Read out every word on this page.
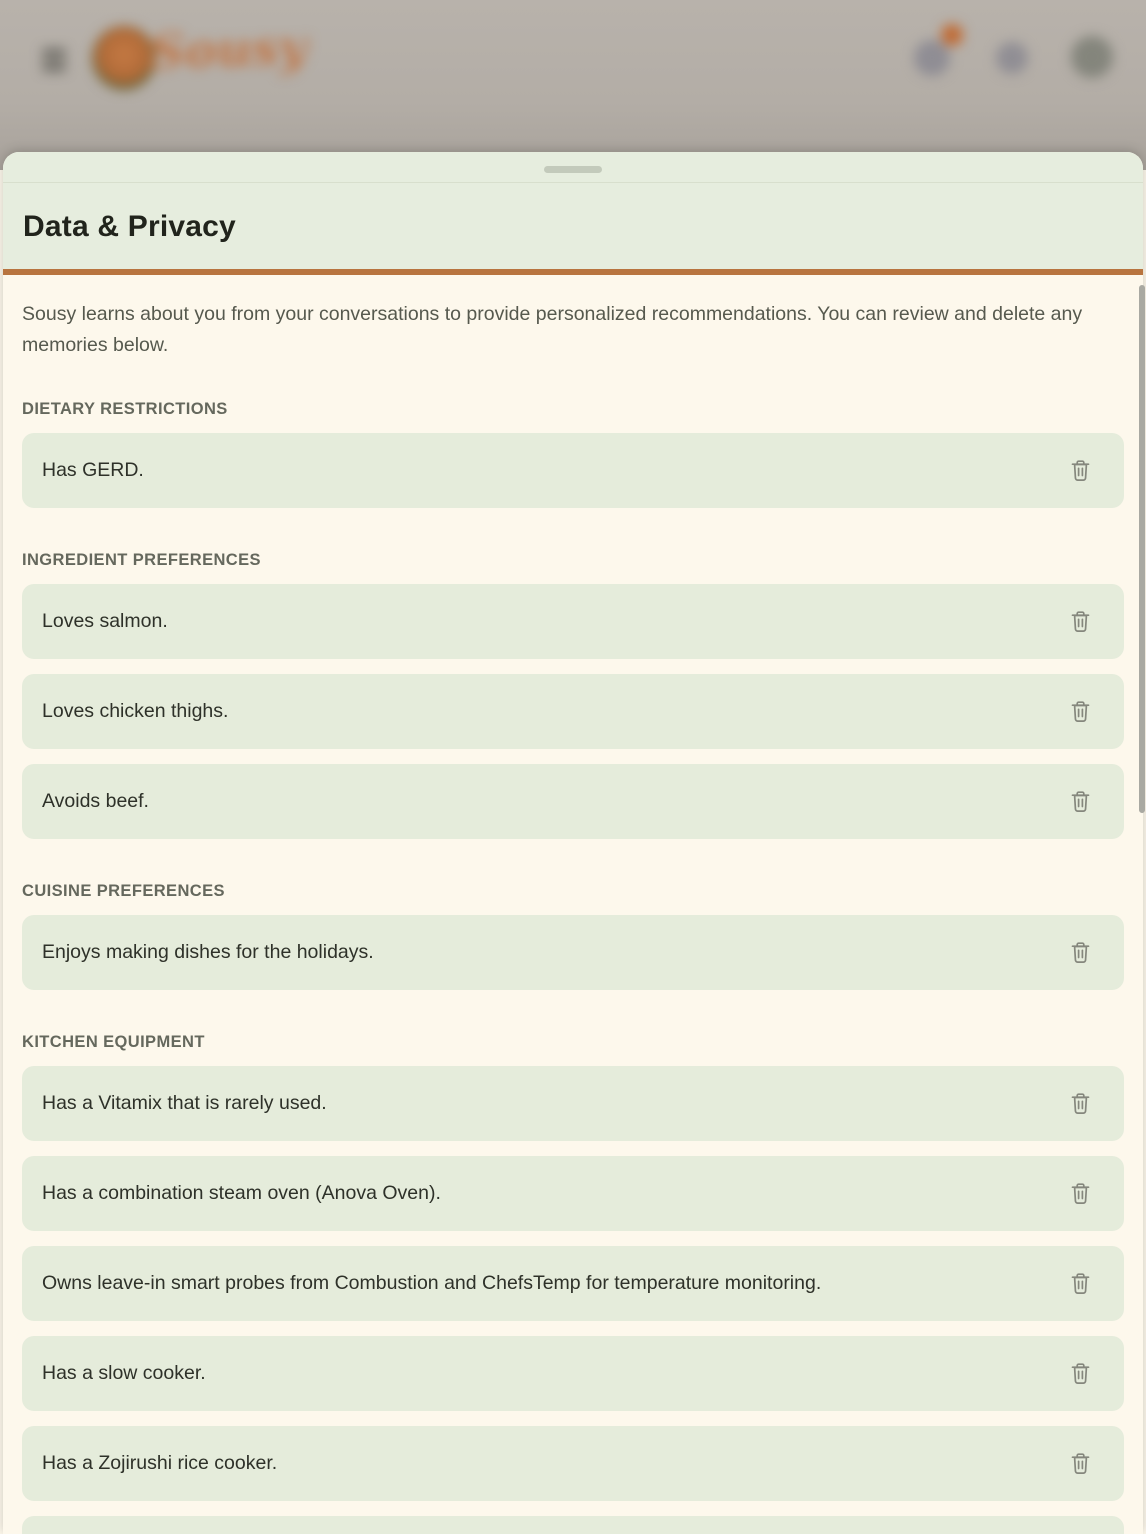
Sousy
Data & Privacy

Sousy learns about you from your conversations to provide personalized recommendations. You can review and delete any memories below.

DIETARY RESTRICTIONS
Has GERD.
INGREDIENT PREFERENCES
Loves salmon.
Loves chicken thighs.
Avoids beef.
CUISINE PREFERENCES
Enjoys making dishes for the holidays.
KITCHEN EQUIPMENT
Has a Vitamix that is rarely used.
Has a combination steam oven (Anova Oven).
Owns leave-in smart probes from Combustion and ChefsTemp for temperature monitoring.
Has a slow cooker.
Has a Zojirushi rice cooker.
